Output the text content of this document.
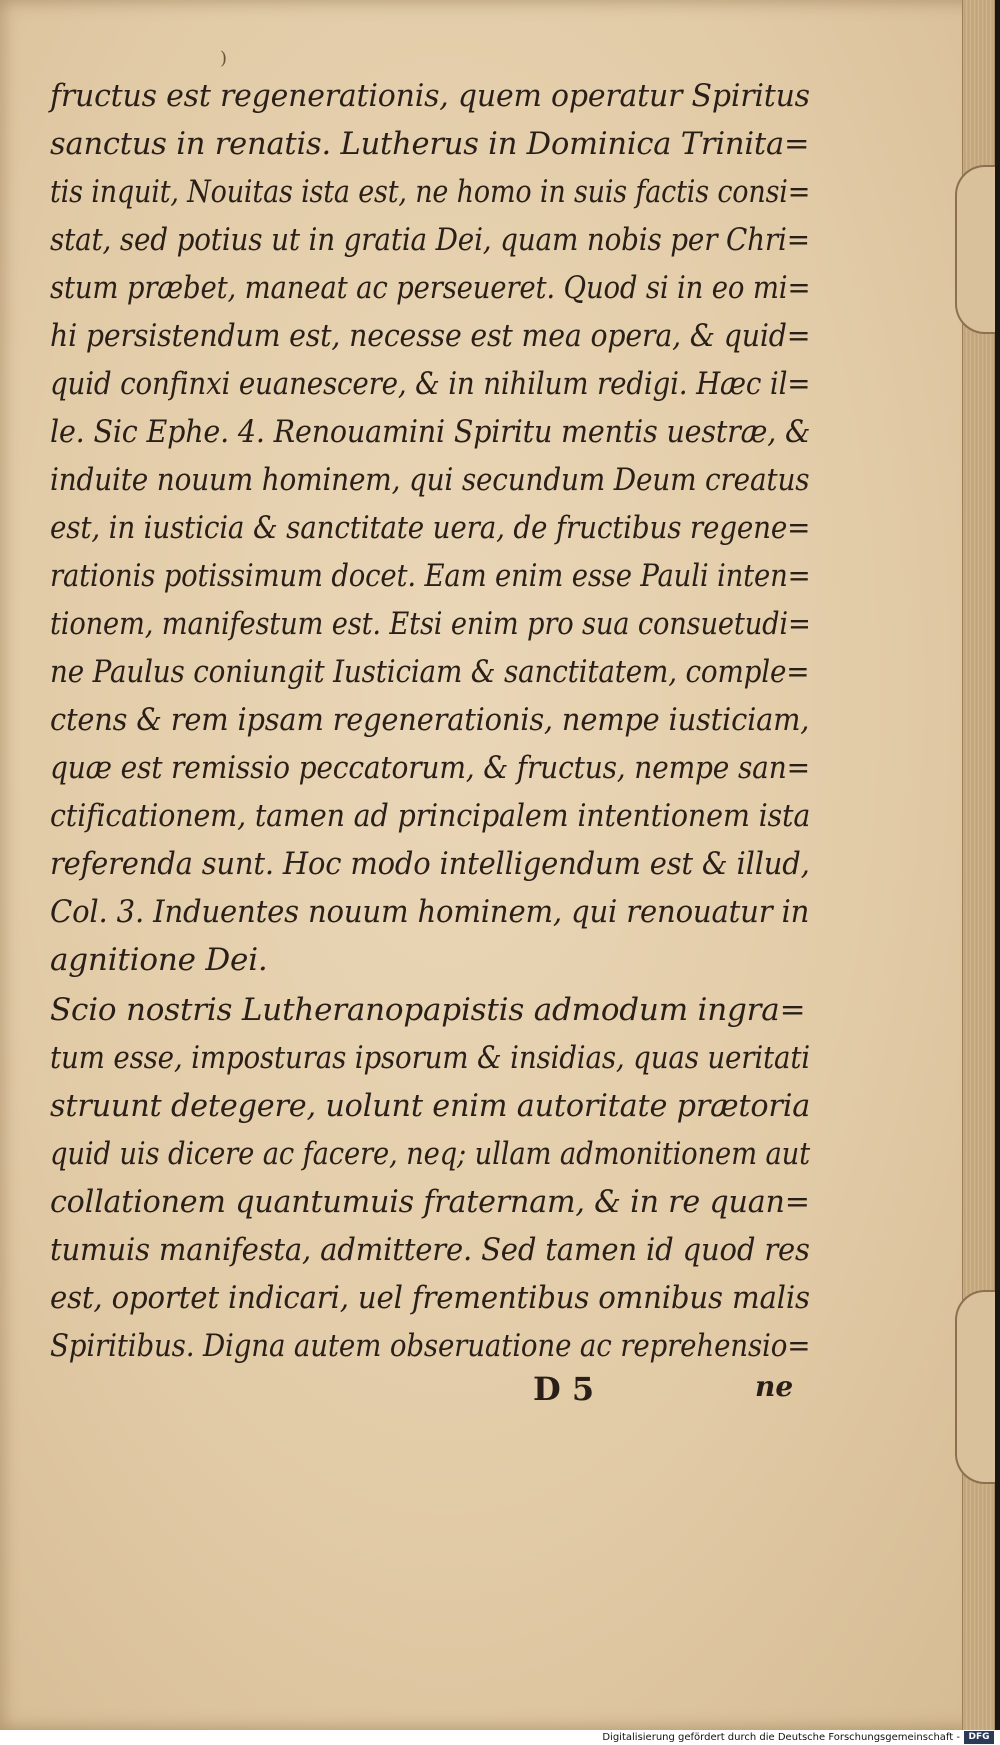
)
fructus est regenerationis, quem operatur Spiritus
sanctus in renatis. Lutherus in Dominica Trinita=
tis inquit, Nouitas ista est, ne homo in suis factis consi=
stat, sed potius ut in gratia Dei, quam nobis per Chri=
stum præbet, maneat ac perseueret. Quod si in eo mi=
hi persistendum est, necesse est mea opera, & quid=
quid confinxi euanescere, & in nihilum redigi. Hæc il=
le. Sic Ephe. 4. Renouamini Spiritu mentis uestræ, &
induite nouum hominem, qui secundum Deum creatus
est, in iusticia & sanctitate uera, de fructibus regene=
rationis potissimum docet. Eam enim esse Pauli inten=
tionem, manifestum est. Etsi enim pro sua consuetudi=
ne Paulus coniungit Iusticiam & sanctitatem, comple=
ctens & rem ipsam regenerationis, nempe iusticiam,
quæ est remissio peccatorum, & fructus, nempe san=
ctificationem, tamen ad principalem intentionem ista
referenda sunt. Hoc modo intelligendum est & illud,
Col. 3. Induentes nouum hominem, qui renouatur in
agnitione Dei.
Scio nostris Lutheranopapistis admodum ingra=
tum esse, imposturas ipsorum & insidias, quas ueritati
struunt detegere, uolunt enim autoritate prætoria
quid uis dicere ac facere, neq; ullam admonitionem aut
collationem quantumuis fraternam, & in re quan=
tumuis manifesta, admittere. Sed tamen id quod res
est, oportet indicari, uel frementibus omnibus malis
Spiritibus. Digna autem obseruatione ac reprehensio=
D 5	ne
Digitalisierung gefördert durch die Deutsche Forschungsgemeinschaft - DFG
